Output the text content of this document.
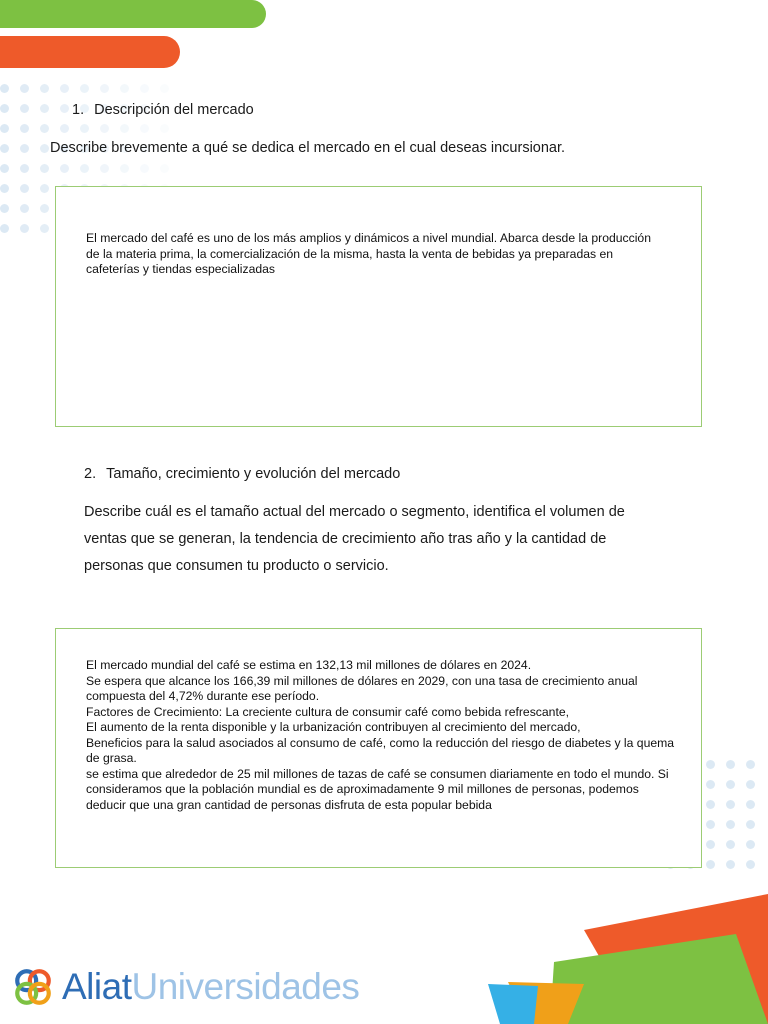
1. Descripción del mercado
Describe brevemente a qué se dedica el mercado en el cual deseas incursionar.
El mercado del café es uno de los más amplios y dinámicos a nivel mundial. Abarca desde la producción de la materia prima, la comercialización de la misma, hasta la venta de bebidas ya preparadas en cafeterías y tiendas especializadas
2. Tamaño, crecimiento y evolución del mercado
Describe cuál es el tamaño actual del mercado o segmento, identifica el volumen de ventas que se generan, la tendencia de crecimiento año tras año y la cantidad de personas que consumen tu producto o servicio.

El mercado mundial del café se estima en 132,13 mil millones de dólares en 2024.

Se espera que alcance los 166,39 mil millones de dólares en 2029, con una tasa de crecimiento anual compuesta del 4,72% durante ese período.

Factores de Crecimiento: La creciente cultura de consumir café como bebida refrescante,

El aumento de la renta disponible y la urbanización contribuyen al crecimiento del mercado,

Beneficios para la salud asociados al consumo de café, como la reducción del riesgo de diabetes y la quema de grasa.

se estima que alrededor de 25 mil millones de tazas de café se consumen diariamente en todo el mundo. Si consideramos que la población mundial es de aproximadamente 9 mil millones de personas, podemos deducir que una gran cantidad de personas disfruta de esta popular bebida

AliatUniversidades
